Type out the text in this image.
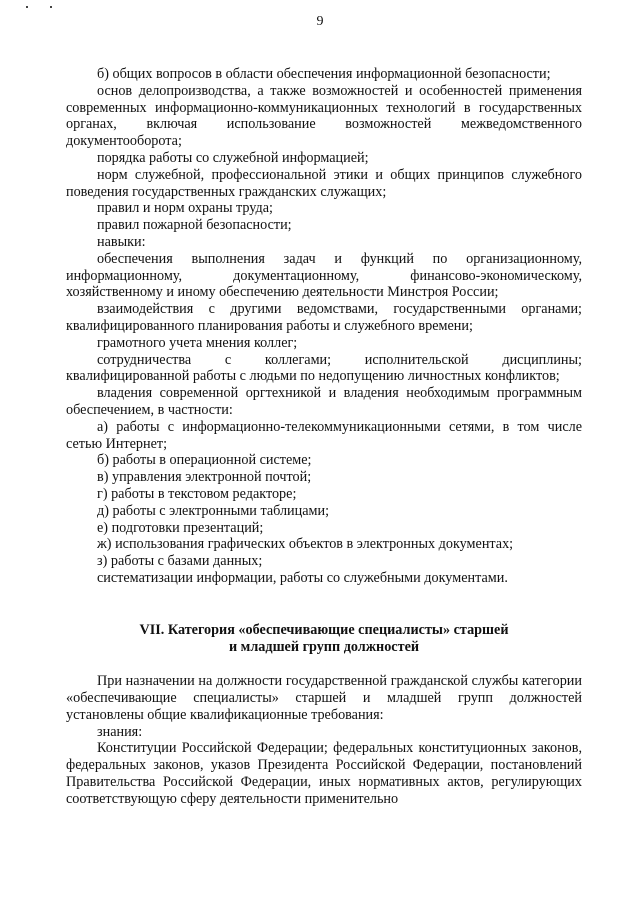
9

б) общих вопросов в области обеспечения информационной безопасности;

основ делопроизводства, а также возможностей и особенностей применения современных информационно-коммуникационных технологий в государственных органах, включая использование возможностей межведомственного документооборота;

порядка работы со служебной информацией;

норм служебной, профессиональной этики и общих принципов служебного поведения государственных гражданских служащих;

правил и норм охраны труда;

правил пожарной безопасности;

навыки:

обеспечения выполнения задач и функций по организационному, информационному, документационному, финансово-экономическому, хозяйственному и иному обеспечению деятельности Минстроя России;

взаимодействия с другими ведомствами, государственными органами; квалифицированного планирования работы и служебного времени;

грамотного учета мнения коллег;

сотрудничества с коллегами; исполнительской дисциплины; квалифицированной работы с людьми по недопущению личностных конфликтов;

владения современной оргтехникой и владения необходимым программным обеспечением, в частности:

а) работы с информационно-телекоммуникационными сетями, в том числе сетью Интернет;

б) работы в операционной системе;

в) управления электронной почтой;

г) работы в текстовом редакторе;

д) работы с электронными таблицами;

е) подготовки презентаций;

ж) использования графических объектов в электронных документах;

з) работы с базами данных;

систематизации информации, работы со служебными документами.

VII. Категория «обеспечивающие специалисты» старшей

и младшей групп должностей

При назначении на должности государственной гражданской службы категории «обеспечивающие специалисты» старшей и младшей групп должностей установлены общие квалификационные требования:

знания:

Конституции Российской Федерации; федеральных конституционных законов, федеральных законов, указов Президента Российской Федерации, постановлений Правительства Российской Федерации, иных нормативных актов, регулирующих соответствующую сферу деятельности применительно
